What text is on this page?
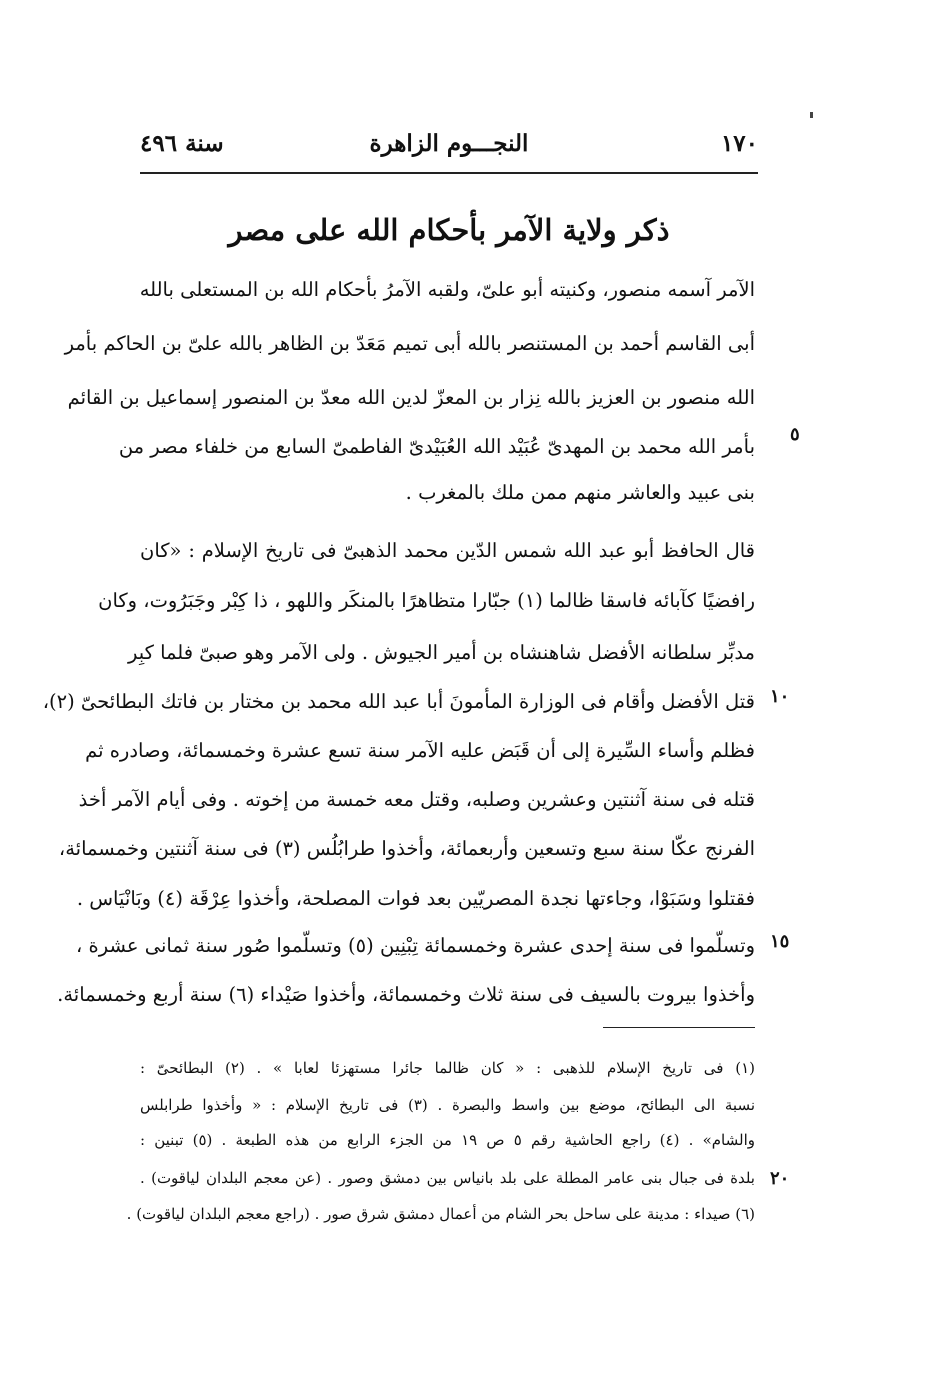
١٧٠
النجـــوم الزاهرة
سنة ٤٩٦
ذكر ولاية الآمر بأحكام الله على مصر
الآمر آسمه منصور، وكنيته أبو علىّ، ولقبه الآمرُ بأحكام الله بن المستعلى بالله
أبى القاسم أحمد بن المستنصر بالله أبى تميم مَعَدّ بن الظاهر بالله علىّ بن الحاكم بأمر
الله منصور بن العزيز بالله نِزار بن المعزّ لدين الله معدّ بن المنصور إسماعيل بن القائم
بأمر الله محمد بن المهدىّ عُبَيْد الله العُبَيْدىّ الفاطمىّ السابع من خلفاء مصر من
بنى عبيد والعاشر منهم ممن ملك بالمغرب .
قال الحافظ أبو عبد الله شمس الدّين محمد الذهبىّ فى تاريخ الإسلام : «كان
رافضيًا كآبائه فاسقا ظالما (١) جبّارا متظاهرًا بالمنكَر واللهو ، ذا كِبْر وجَبَرُوت، وكان
مدبِّر سلطانه الأفضل شاهنشاه بن أمير الجيوش . ولى الآمر وهو صبىّ فلما كبِر
قتل الأفضل وأقام فى الوزارة المأمونَ أبا عبد الله محمد بن مختار بن فاتك البطائحىّ (٢)،
فظلم وأساء السِّيرة إلى أن قَبَض عليه الآمر سنة تسع عشرة وخمسمائة، وصادره ثم
قتله فى سنة آثنتين وعشرين وصلبه، وقتل معه خمسة من إخوته . وفى أيام الآمر أخذ
الفرنج عكّا سنة سبع وتسعين وأربعمائة، وأخذوا طرابُلُس (٣) فى سنة آثنتين وخمسمائة،
فقتلوا وسَبَوْا، وجاءتها نجدة المصريّين بعد فوات المصلحة، وأخذوا عِرْقَة (٤) وبَانْيَاس .
وتسلّموا فى سنة إحدى عشرة وخمسمائة تِبْنِين (٥) وتسلّموا صُور سنة ثمانى عشرة ،
وأخذوا بيروت بالسيف فى سنة ثلاث وخمسمائة، وأخذوا صَيْداء (٦) سنة أربع وخمسمائة.
(١) فى تاريخ الإسلام للذهبى : « كان ظالما جائرا مستهزئا لعابا » . (٢) البطائحىّ :
نسبة الى البطائح، موضع بين واسط والبصرة . (٣) فى تاريخ الإسلام : « وأخذوا طرابلس
والشام» . (٤) راجع الحاشية رقم ٥ ص ١٩ من الجزء الرابع من هذه الطبعة . (٥) تبنين :
بلدة فى جبال بنى عامر المطلة على بلد بانياس بين دمشق وصور . (عن معجم البلدان لياقوت) .
(٦) صيداء : مدينة على ساحل بحر الشام من أعمال دمشق شرق صور . (راجع معجم البلدان لياقوت) .
٥
١٠
١٥
٢٠
